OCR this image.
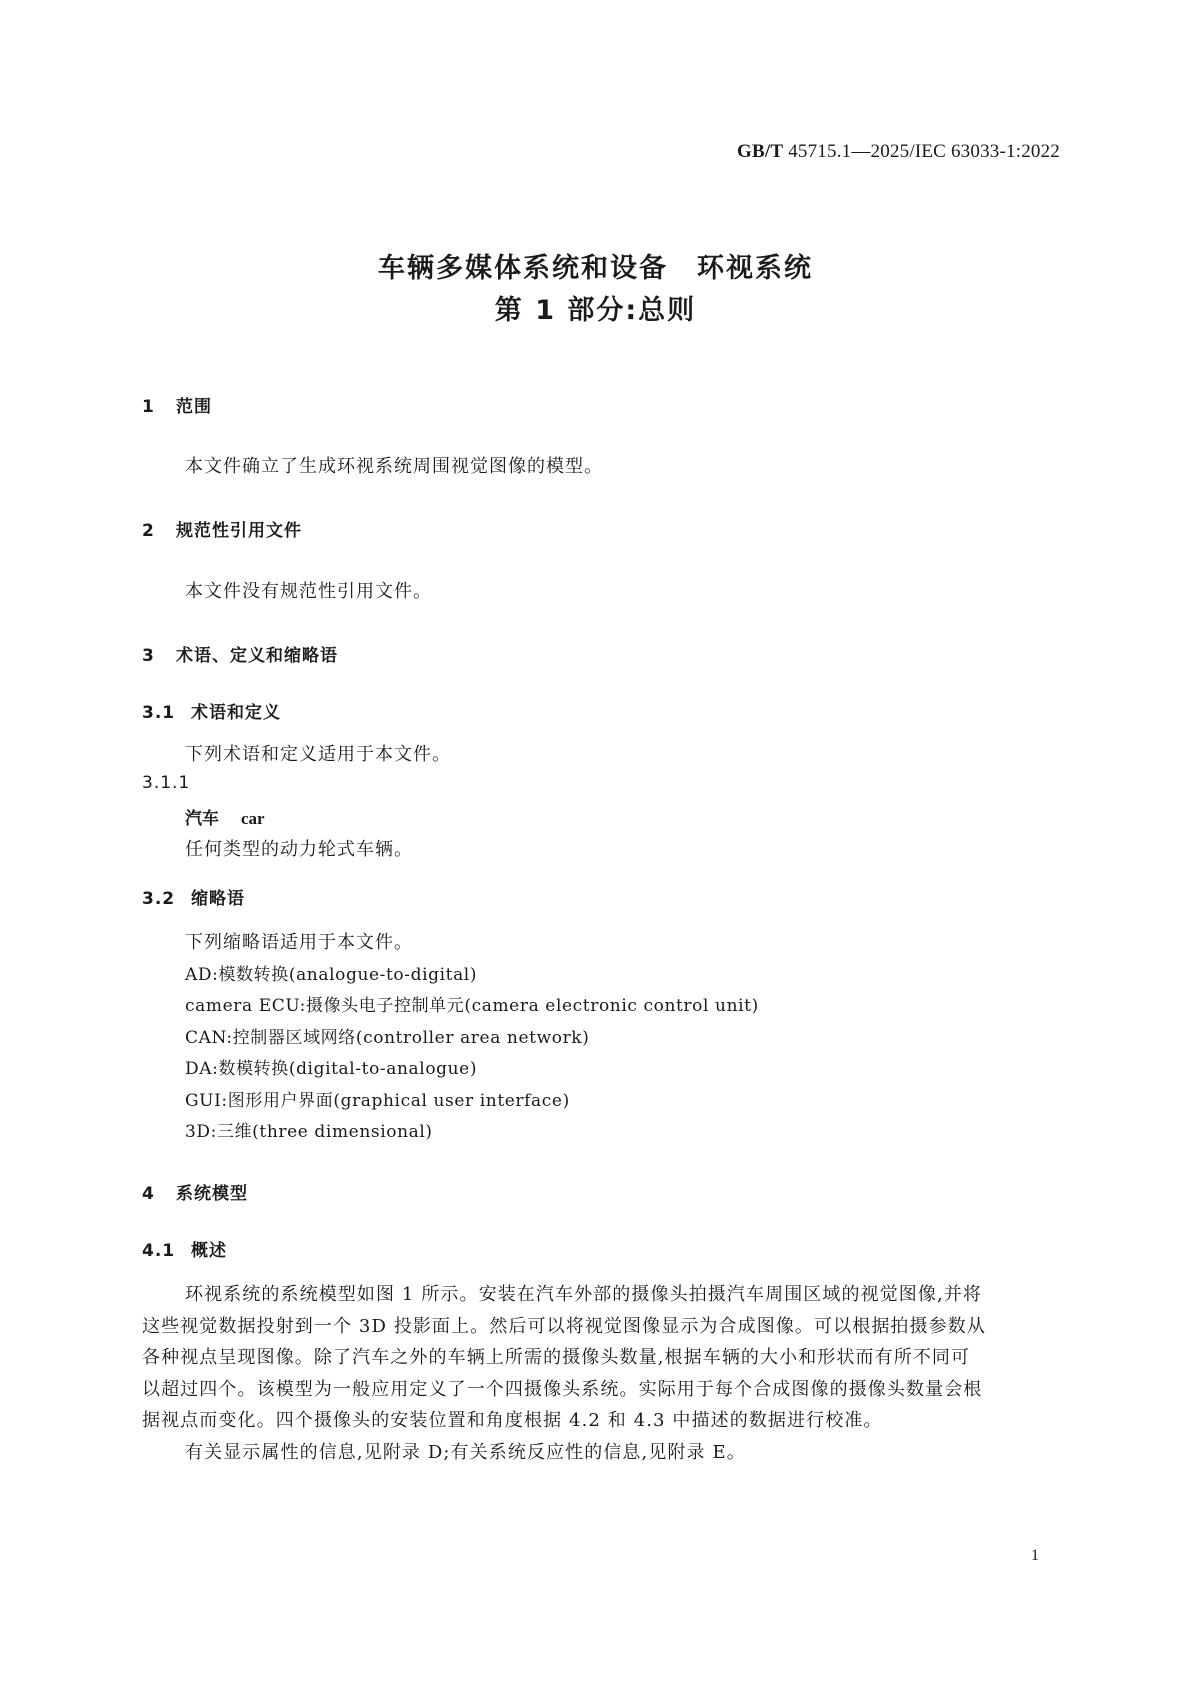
GB/T 45715.1—2025/IEC 63033-1:2022
车辆多媒体系统和设备　环视系统
第 1 部分:总则
1 范围
本文件确立了生成环视系统周围视觉图像的模型。
2 规范性引用文件
本文件没有规范性引用文件。
3 术语、定义和缩略语
3.1 术语和定义
下列术语和定义适用于本文件。
3.1.1
汽车 car
任何类型的动力轮式车辆。
3.2 缩略语
下列缩略语适用于本文件。
AD:模数转换(analogue-to-digital)
camera ECU:摄像头电子控制单元(camera electronic control unit)
CAN:控制器区域网络(controller area network)
DA:数模转换(digital-to-analogue)
GUI:图形用户界面(graphical user interface)
3D:三维(three dimensional)
4 系统模型
4.1 概述
环视系统的系统模型如图 1 所示。安装在汽车外部的摄像头拍摄汽车周围区域的视觉图像,并将
这些视觉数据投射到一个 3D 投影面上。然后可以将视觉图像显示为合成图像。可以根据拍摄参数从
各种视点呈现图像。除了汽车之外的车辆上所需的摄像头数量,根据车辆的大小和形状而有所不同可
以超过四个。该模型为一般应用定义了一个四摄像头系统。实际用于每个合成图像的摄像头数量会根
据视点而变化。四个摄像头的安装位置和角度根据 4.2 和 4.3 中描述的数据进行校准。
有关显示属性的信息,见附录 D;有关系统反应性的信息,见附录 E。
1
